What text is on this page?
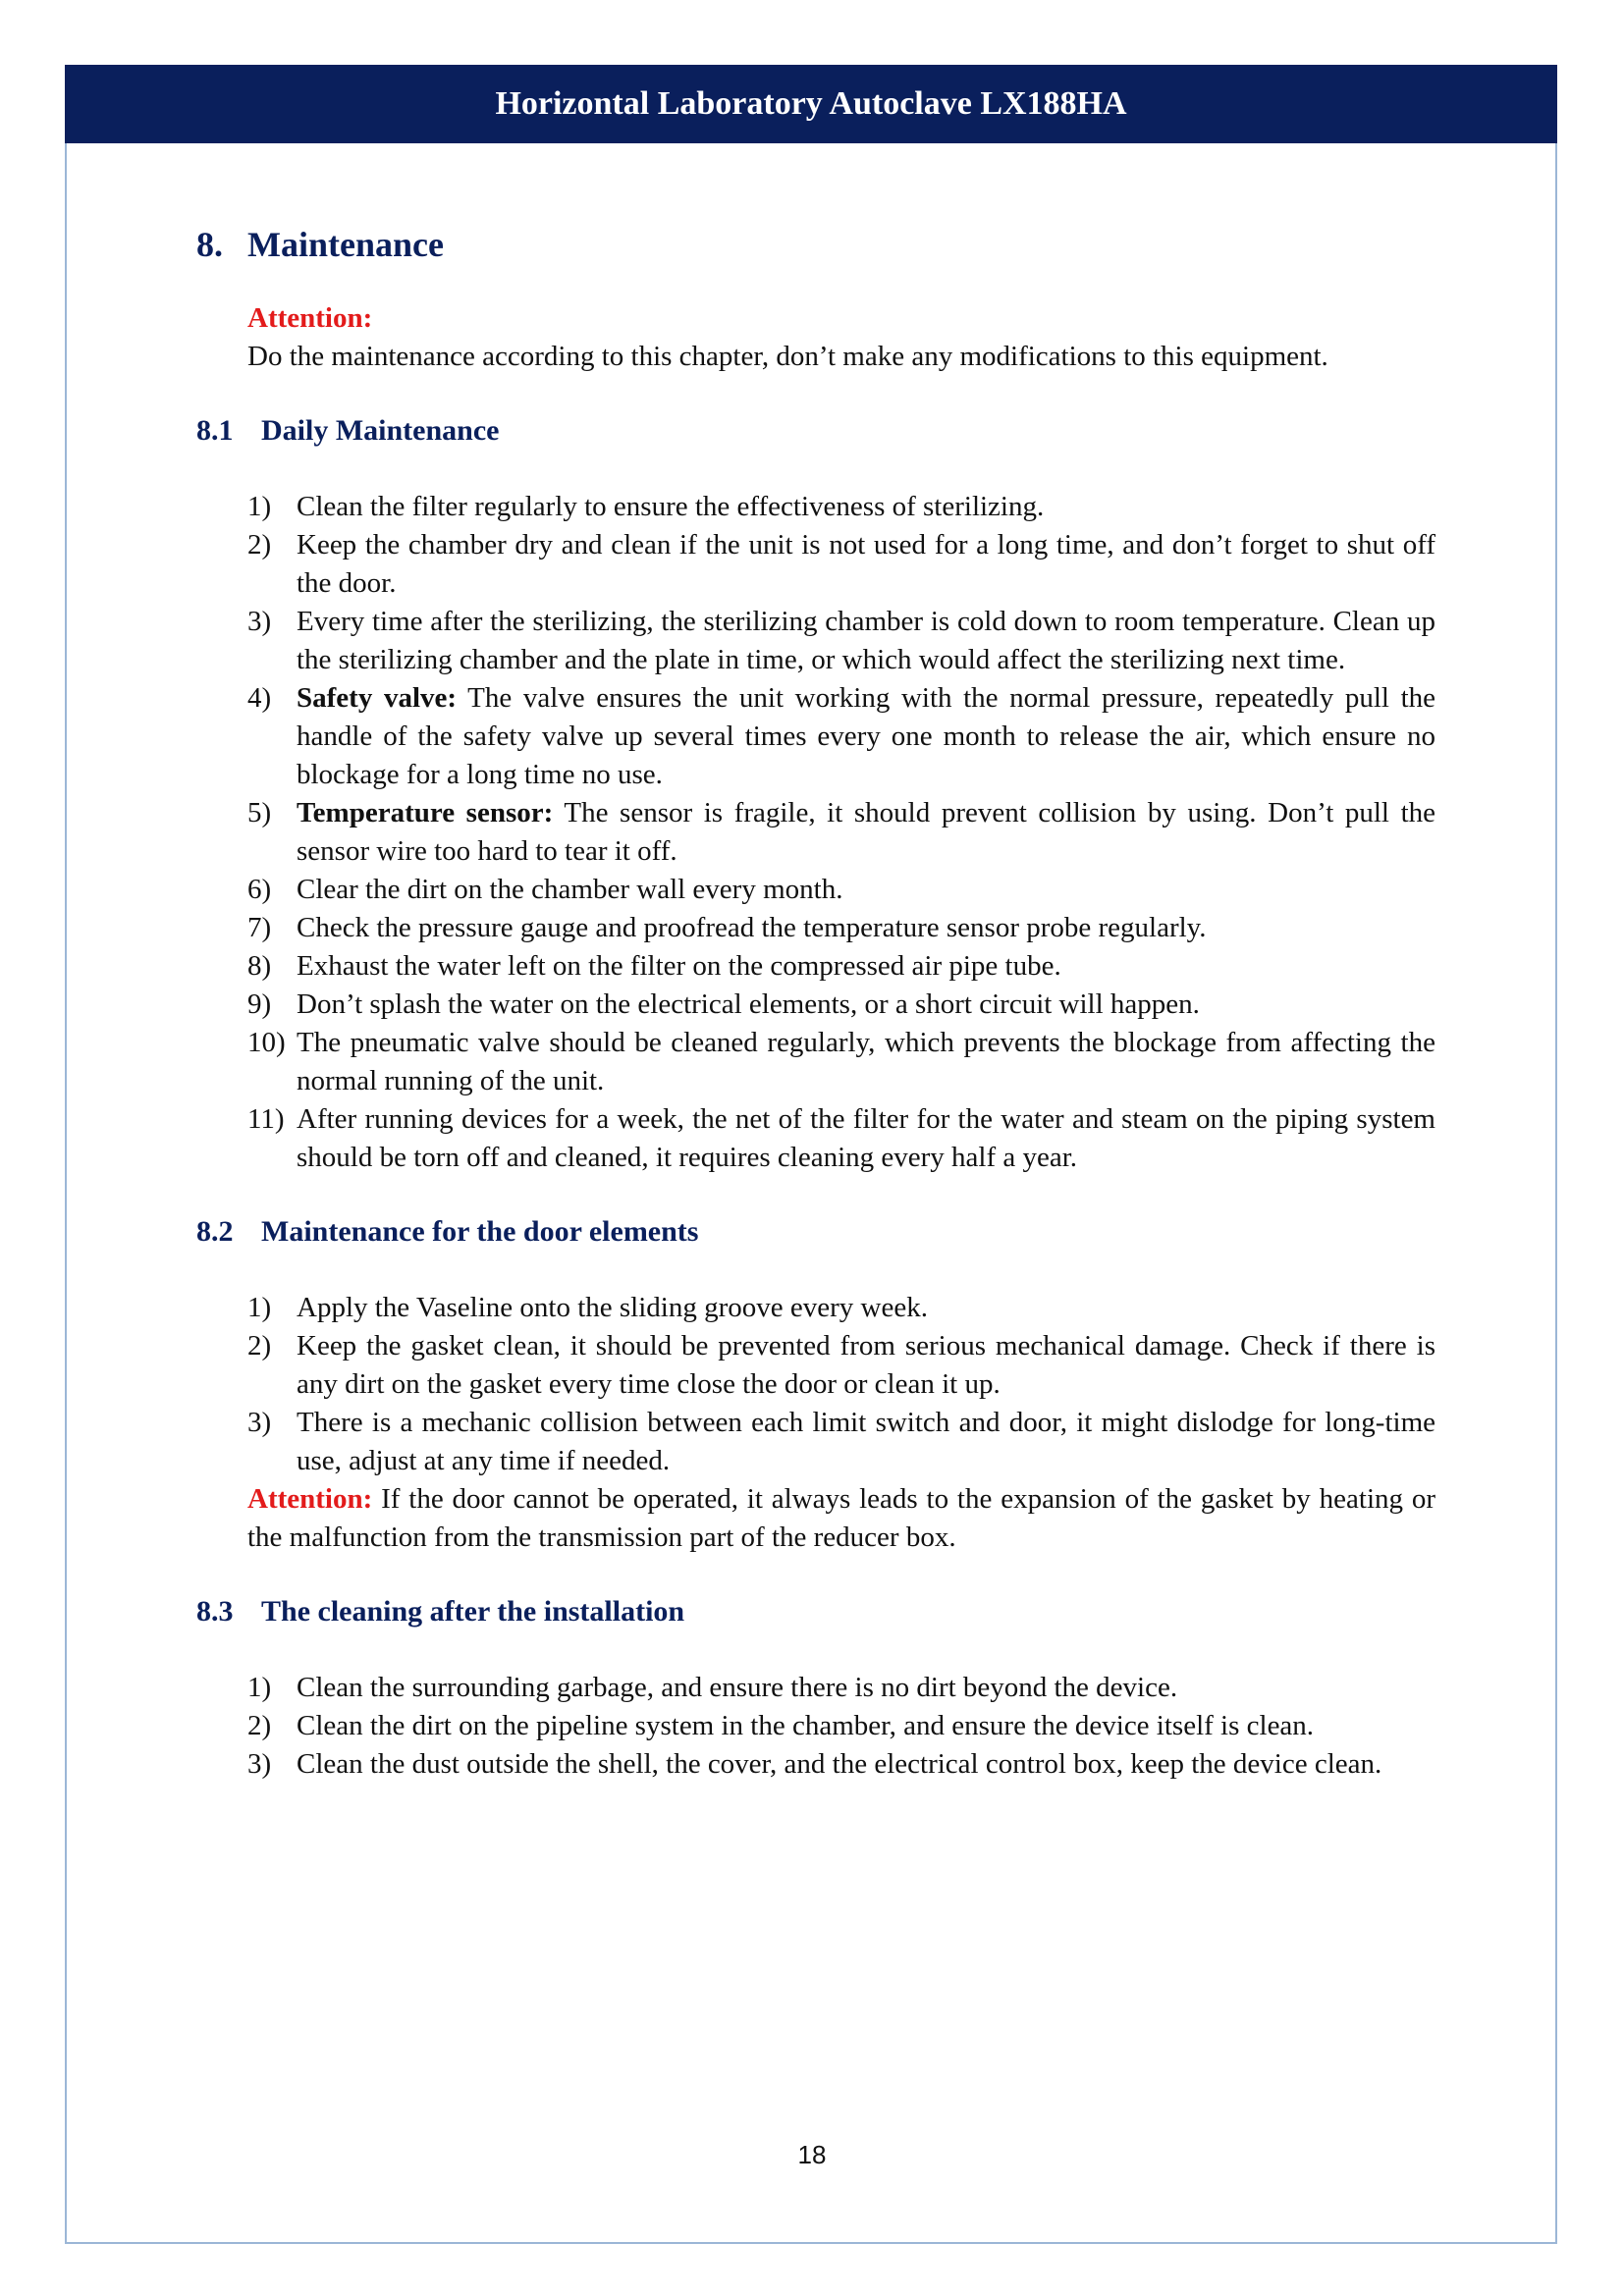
Horizontal Laboratory Autoclave LX188HA
8. Maintenance
Attention:

Do the maintenance according to this chapter, don’t make any modifications to this equipment.

8.1 Daily Maintenance
1) Clean the filter regularly to ensure the effectiveness of sterilizing.
2) Keep the chamber dry and clean if the unit is not used for a long time, and don’t forget to shut off the door.
3) Every time after the sterilizing, the sterilizing chamber is cold down to room temperature. Clean up the sterilizing chamber and the plate in time, or which would affect the sterilizing next time.
4) Safety valve: The valve ensures the unit working with the normal pressure, repeatedly pull the handle of the safety valve up several times every one month to release the air, which ensure no blockage for a long time no use.
5) Temperature sensor: The sensor is fragile, it should prevent collision by using. Don’t pull the sensor wire too hard to tear it off.
6) Clear the dirt on the chamber wall every month.
7) Check the pressure gauge and proofread the temperature sensor probe regularly.
8) Exhaust the water left on the filter on the compressed air pipe tube.
9) Don’t splash the water on the electrical elements, or a short circuit will happen.
10) The pneumatic valve should be cleaned regularly, which prevents the blockage from affecting the normal running of the unit.
11) After running devices for a week, the net of the filter for the water and steam on the piping system should be torn off and cleaned, it requires cleaning every half a year.
8.2 Maintenance for the door elements
1) Apply the Vaseline onto the sliding groove every week.
2) Keep the gasket clean, it should be prevented from serious mechanical damage. Check if there is any dirt on the gasket every time close the door or clean it up.
3) There is a mechanic collision between each limit switch and door, it might dislodge for long-time use, adjust at any time if needed.

Attention: If the door cannot be operated, it always leads to the expansion of the gasket by heating or the malfunction from the transmission part of the reducer box.

8.3 The cleaning after the installation
1) Clean the surrounding garbage, and ensure there is no dirt beyond the device.
2) Clean the dirt on the pipeline system in the chamber, and ensure the device itself is clean.
3) Clean the dust outside the shell, the cover, and the electrical control box, keep the device clean.
18
